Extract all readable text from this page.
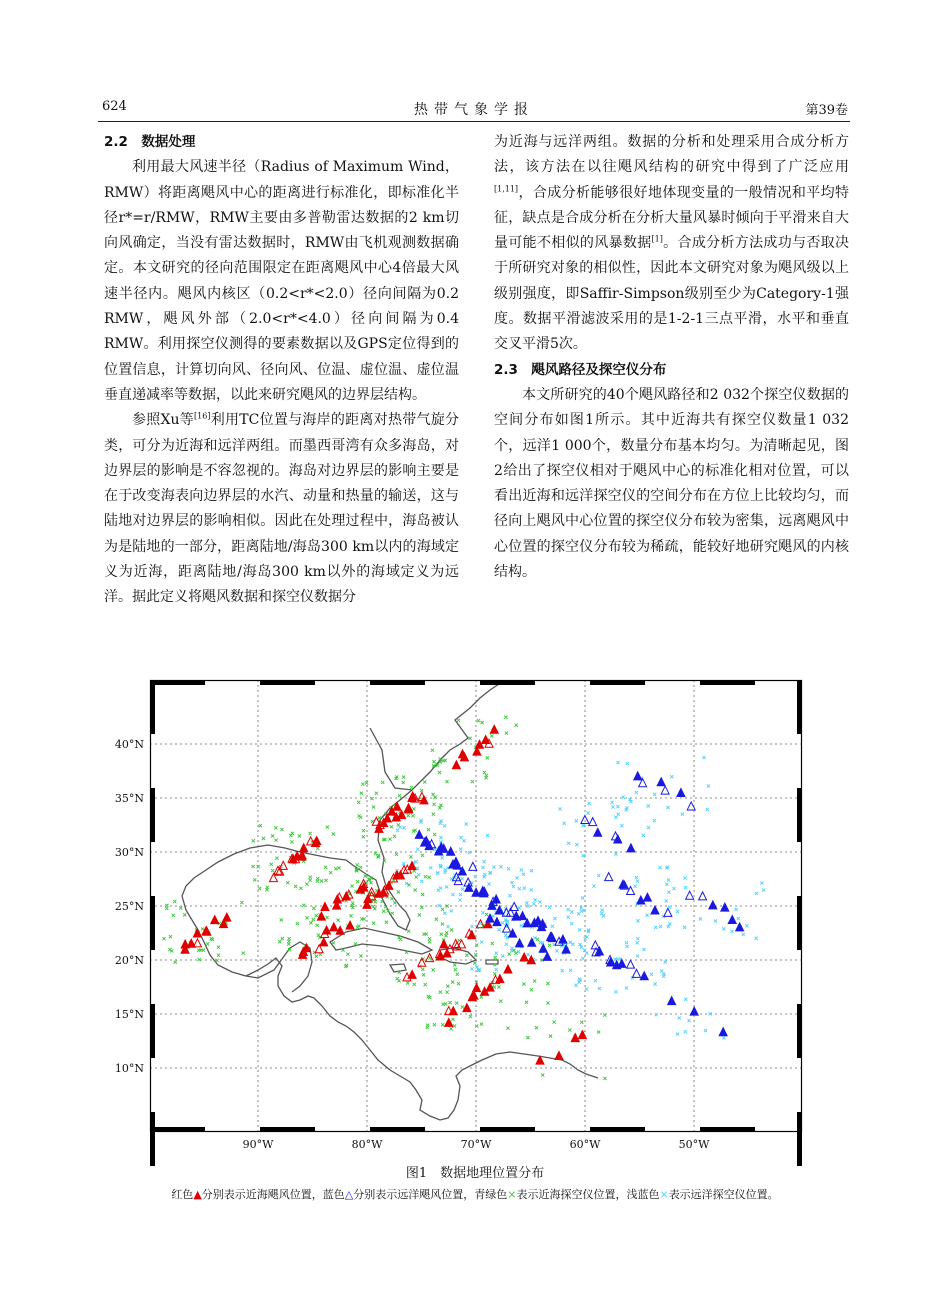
624	热带气象学报	第39卷
2.2　数据处理

利用最大风速半径（Radius of Maximum Wind，RMW）将距离飓风中心的距离进行标准化，即标准化半径r*=r/RMW，RMW主要由多普勒雷达数据的2 km切向风确定，当没有雷达数据时，RMW由飞机观测数据确定。本文研究的径向范围限定在距离飓风中心4倍最大风速半径内。飓风内核区（0.2<r*<2.0）径向间隔为0.2 RMW，飓风外部（2.0<r*<4.0）径向间隔为0.4 RMW。利用探空仪测得的要素数据以及GPS定位得到的位置信息，计算切向风、径向风、位温、虚位温、虚位温垂直递减率等数据，以此来研究飓风的边界层结构。

参照Xu等[16]利用TC位置与海岸的距离对热带气旋分类，可分为近海和远洋两组。而墨西哥湾有众多海岛，对边界层的影响是不容忽视的。海岛对边界层的影响主要是在于改变海表向边界层的水汽、动量和热量的输送，这与陆地对边界层的影响相似。因此在处理过程中，海岛被认为是陆地的一部分，距离陆地/海岛300 km以内的海域定义为近海，距离陆地/海岛300 km以外的海域定义为远洋。据此定义将飓风数据和探空仪数据分

为近海与远洋两组。数据的分析和处理采用合成分析方法，该方法在以往飓风结构的研究中得到了广泛应用[1,11]，合成分析能够很好地体现变量的一般情况和平均特征，缺点是合成分析在分析大量风暴时倾向于平滑来自大量可能不相似的风暴数据[1]。合成分析方法成功与否取决于所研究对象的相似性，因此本文研究对象为飓风级以上级别强度，即Saffir-Simpson级别至少为Category-1强度。数据平滑滤波采用的是1-2-1三点平滑，水平和垂直交叉平滑5次。

2.3　飓风路径及探空仪分布

本文所研究的40个飓风路径和2 032个探空仪数据的空间分布如图1所示。其中近海共有探空仪数量1 032个，远洋1 000个，数量分布基本均匀。为清晰起见，图2给出了探空仪相对于飓风中心的标准化相对位置，可以看出近海和远洋探空仪的空间分布在方位上比较均匀，而径向上飓风中心位置的探空仪分布较为密集，远离飓风中心位置的探空仪分布较为稀疏，能较好地研究飓风的内核结构。

40°N
35°N
30°N
25°N
20°N
15°N
10°N
90°W	80°W	70°W	60°W	50°W
图1　数据地理位置分布
红色▲分别表示近海飓风位置，蓝色△分别表示远洋飓风位置，青绿色×表示近海探空仪位置，浅蓝色×表示远洋探空仪位置。
